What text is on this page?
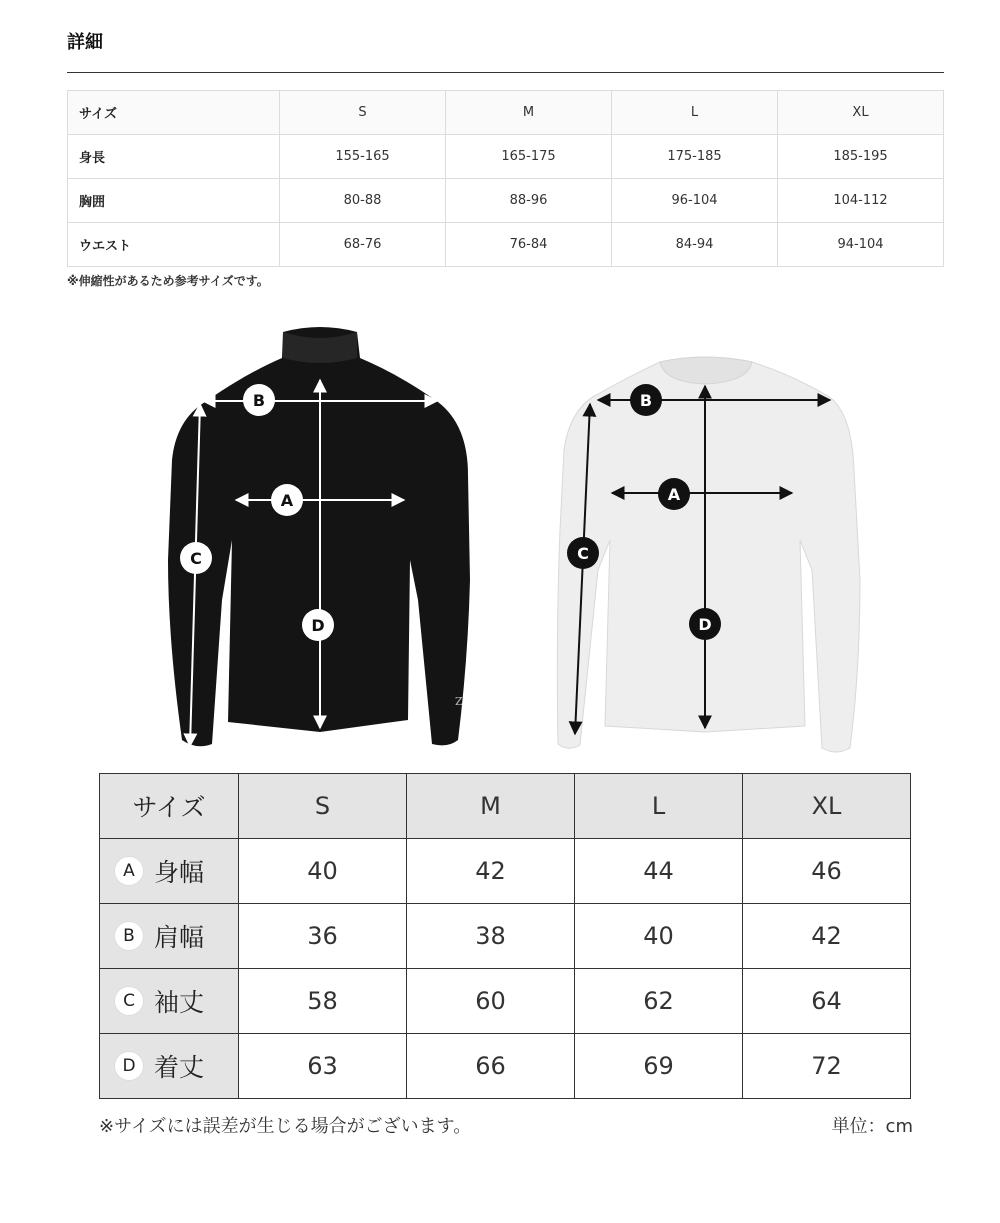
詳細
サイズ	S	M	L	XL
身長	155-165	165-175	175-185	185-195
胸囲	80-88	88-96	96-104	104-112
ウエスト	68-76	76-84	84-94	94-104
※伸縮性があるため参考サイズです。
Z
B
A
C
D
B
A
C
D
サイズ	S	M	L	XL
A 身幅	40	42	44	46
B 肩幅	36	38	40	42
C 袖丈	58	60	62	64
D 着丈	63	66	69	72
※サイズには誤差が生じる場合がございます。	単位：cm
